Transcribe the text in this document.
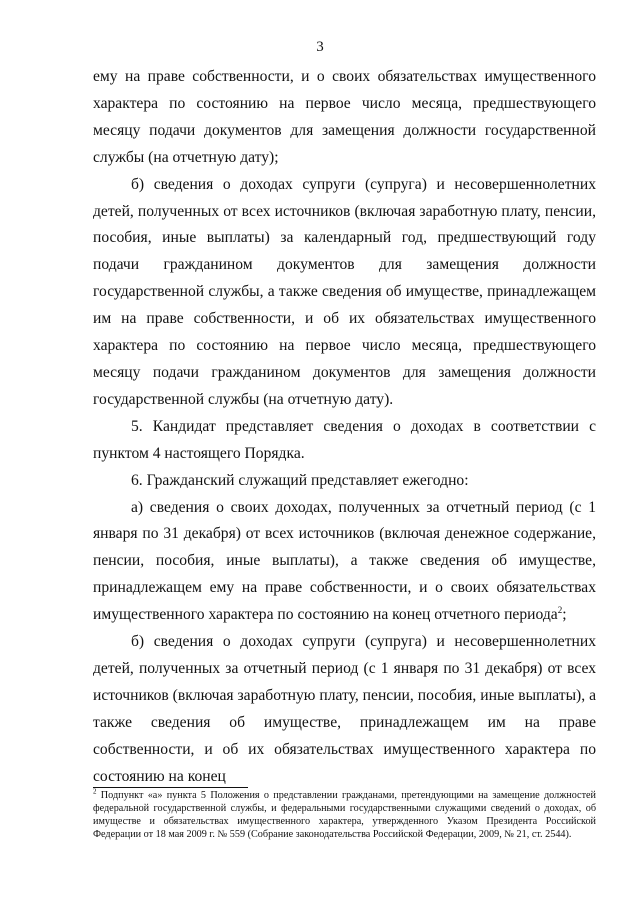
3

ему на праве собственности, и о своих обязательствах имущественного характера по состоянию на первое число месяца, предшествующего месяцу подачи документов для замещения должности государственной службы (на отчетную дату);

б) сведения о доходах супруги (супруга) и несовершеннолетних детей, полученных от всех источников (включая заработную плату, пенсии, пособия, иные выплаты) за календарный год, предшествующий году подачи гражданином документов для замещения должности государственной службы, а также сведения об имуществе, принадлежащем им на праве собственности, и об их обязательствах имущественного характера по состоянию на первое число месяца, предшествующего месяцу подачи гражданином документов для замещения должности государственной службы (на отчетную дату).

5. Кандидат представляет сведения о доходах в соответствии с пунктом 4 настоящего Порядка.

6. Гражданский служащий представляет ежегодно:

а) сведения о своих доходах, полученных за отчетный период (с 1 января по 31 декабря) от всех источников (включая денежное содержание, пенсии, пособия, иные выплаты), а также сведения об имуществе, принадлежащем ему на праве собственности, и о своих обязательствах имущественного характера по состоянию на конец отчетного периода$^2$;

б) сведения о доходах супруги (супруга) и несовершеннолетних детей, полученных за отчетный период (с 1 января по 31 декабря) от всех источников (включая заработную плату, пенсии, пособия, иные выплаты), а также сведения об имуществе, принадлежащем им на праве собственности, и об их обязательствах имущественного характера по состоянию на конец

$^2$ Подпункт «а» пункта 5 Положения о представлении гражданами, претендующими на замещение должностей федеральной государственной службы, и федеральными государственными служащими сведений о доходах, об имуществе и обязательствах имущественного характера, утвержденного Указом Президента Российской Федерации от 18 мая 2009 г. № 559 (Собрание законодательства Российской Федерации, 2009, № 21, ст. 2544).
